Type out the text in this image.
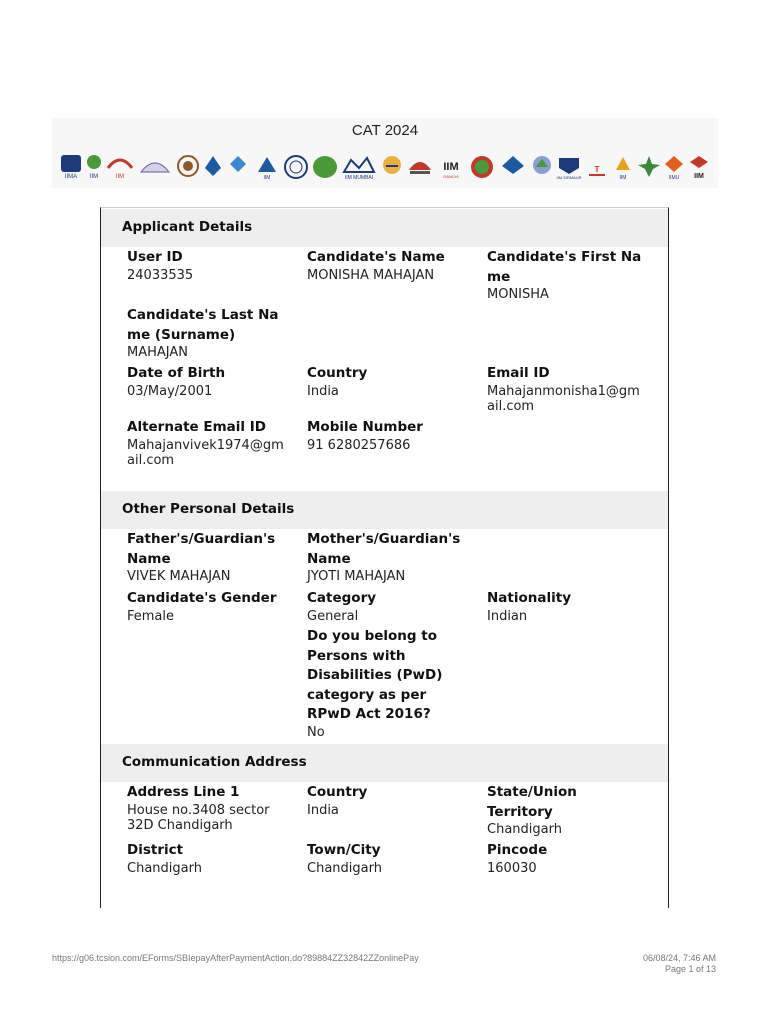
CAT 2024
IIMA IIM	IIM	IIM	IIM MUMBAI
IIM
RANCHI	IIM SIRMAUR
T
IIM	IIMU IIM
Applicant Details
User ID
24033535
Candidate's Name
MONISHA MAHAJAN
Candidate's First Name
MONISHA
Candidate's Last Name (Surname)
MAHAJAN
Date of Birth
03/May/2001
Country
India
Email ID
Mahajanmonisha1@gmail.com
Alternate Email ID
Mahajanvivek1974@gmail.com
Mobile Number
91 6280257686
Other Personal Details
Father's/Guardian's Name
VIVEK MAHAJAN
Mother's/Guardian's Name
JYOTI MAHAJAN
Candidate's Gender
Female
Category
General
Nationality
Indian
Do you belong to Persons with Disabilities (PwD) category as per RPwD Act 2016?
No
Communication Address
Address Line 1
House no.3408 sector 32D Chandigarh
Country
India
State/Union Territory
Chandigarh
District
Chandigarh
Town/City
Chandigarh
Pincode
160030
https://g06.tcsion.com/EForms/SBIepayAfterPaymentAction.do?89884ZZ32842ZZonlinePay	06/08/24, 7:46 AM
Page 1 of 13
